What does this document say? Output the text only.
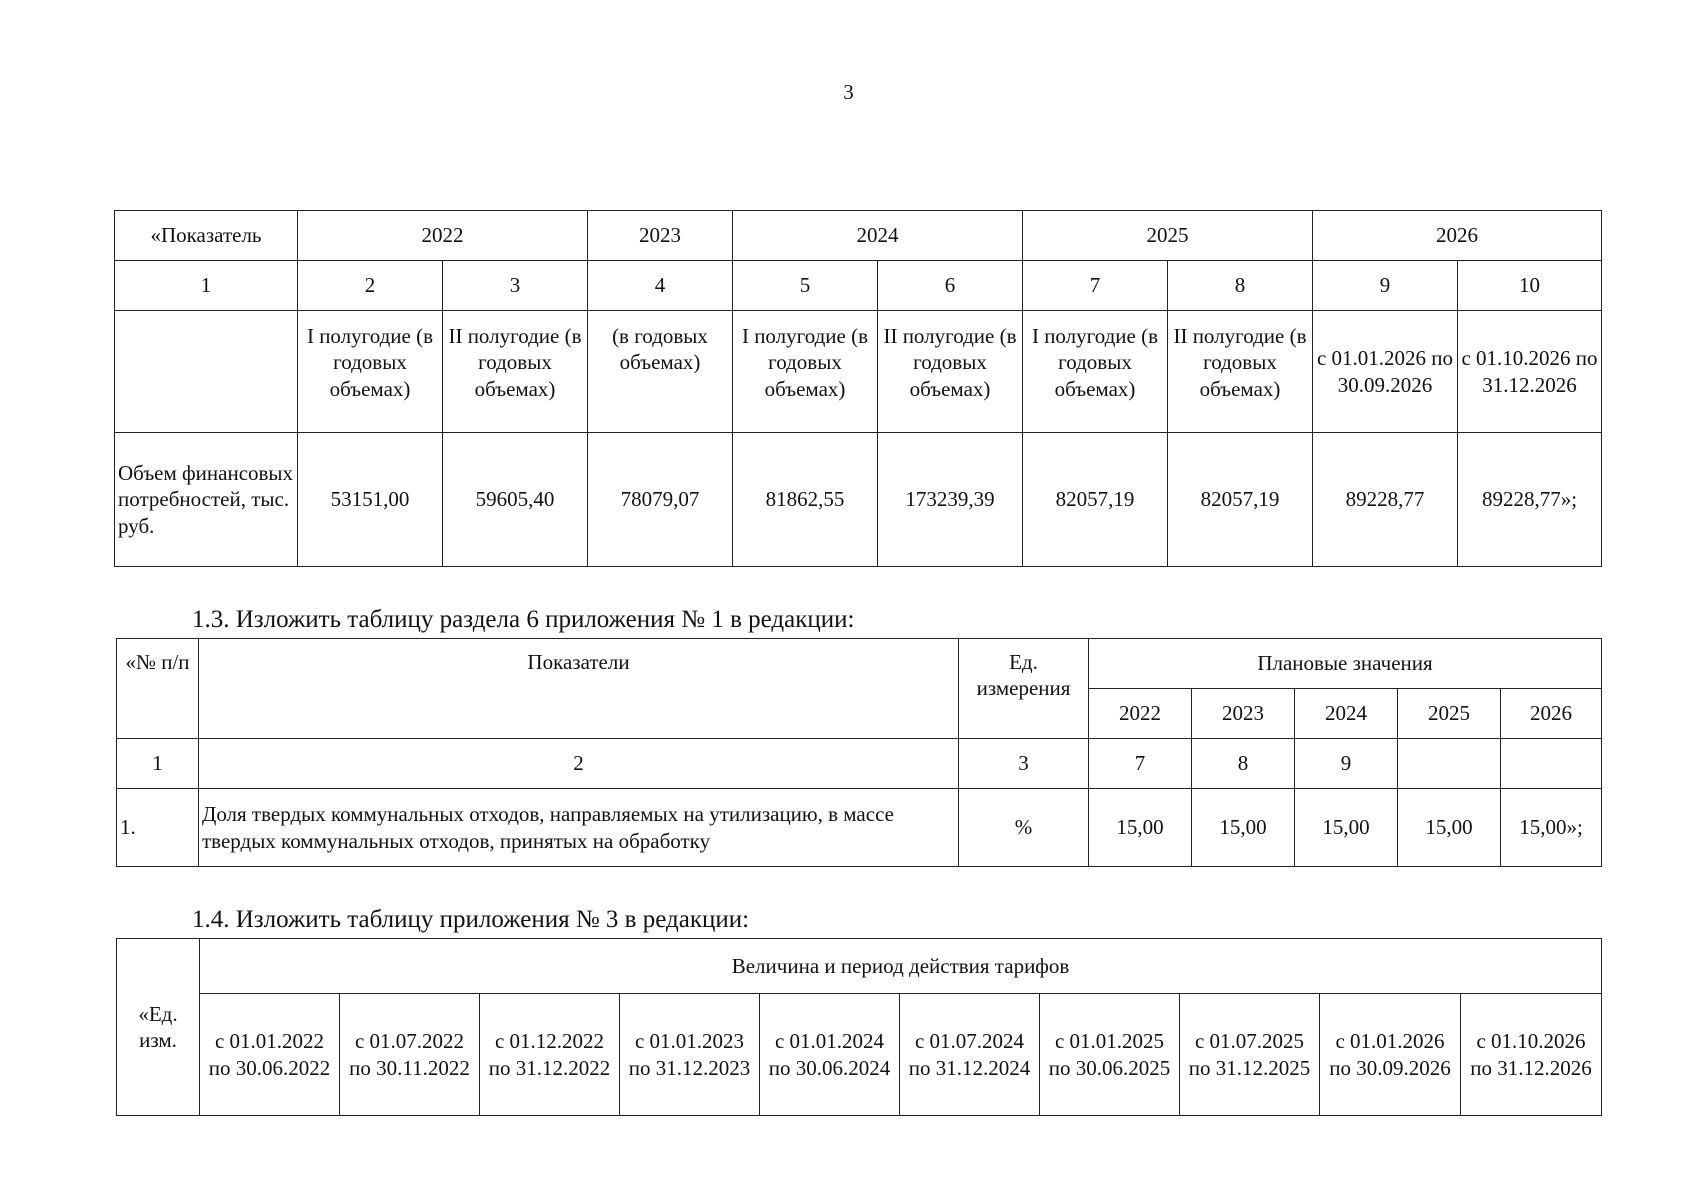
3
«Показатель	2022		2023	2024		2025		2026	
1	2	3	4	5	6	7	8	9	10
	I полугодие (в годовых объемах)	II полугодие (в годовых объемах)	(в годовых объемах)	I полугодие (в годовых объемах)	II полугодие (в годовых объемах)	I полугодие (в годовых объемах)	II полугодие (в годовых объемах)	с 01.01.2026 по 30.09.2026	с 01.10.2026 по 31.12.2026
Объем финансовых потребностей, тыс. руб.	53151,00	59605,40	78079,07	81862,55	173239,39	82057,19	82057,19	89228,77	89228,77»;
1.3. Изложить таблицу раздела 6 приложения № 1 в редакции:
«№ п/п	Показатели	Ед. измерения	Плановые значения				
			2022	2023	2024	2025	2026
1	2	3	7	8	9		
1.	Доля твердых коммунальных отходов, направляемых на утилизацию, в массе твердых коммунальных отходов, принятых на обработку	%	15,00	15,00	15,00	15,00	15,00»;
1.4. Изложить таблицу приложения № 3 в редакции:
«Ед. изм.	Величина и период действия тарифов									
	с 01.01.2022 по 30.06.2022	с 01.07.2022 по 30.11.2022	с 01.12.2022 по 31.12.2022	с 01.01.2023 по 31.12.2023	с 01.01.2024 по 30.06.2024	с 01.07.2024 по 31.12.2024	с 01.01.2025 по 30.06.2025	с 01.07.2025 по 31.12.2025	с 01.01.2026 по 30.09.2026	с 01.10.2026 по 31.12.2026
